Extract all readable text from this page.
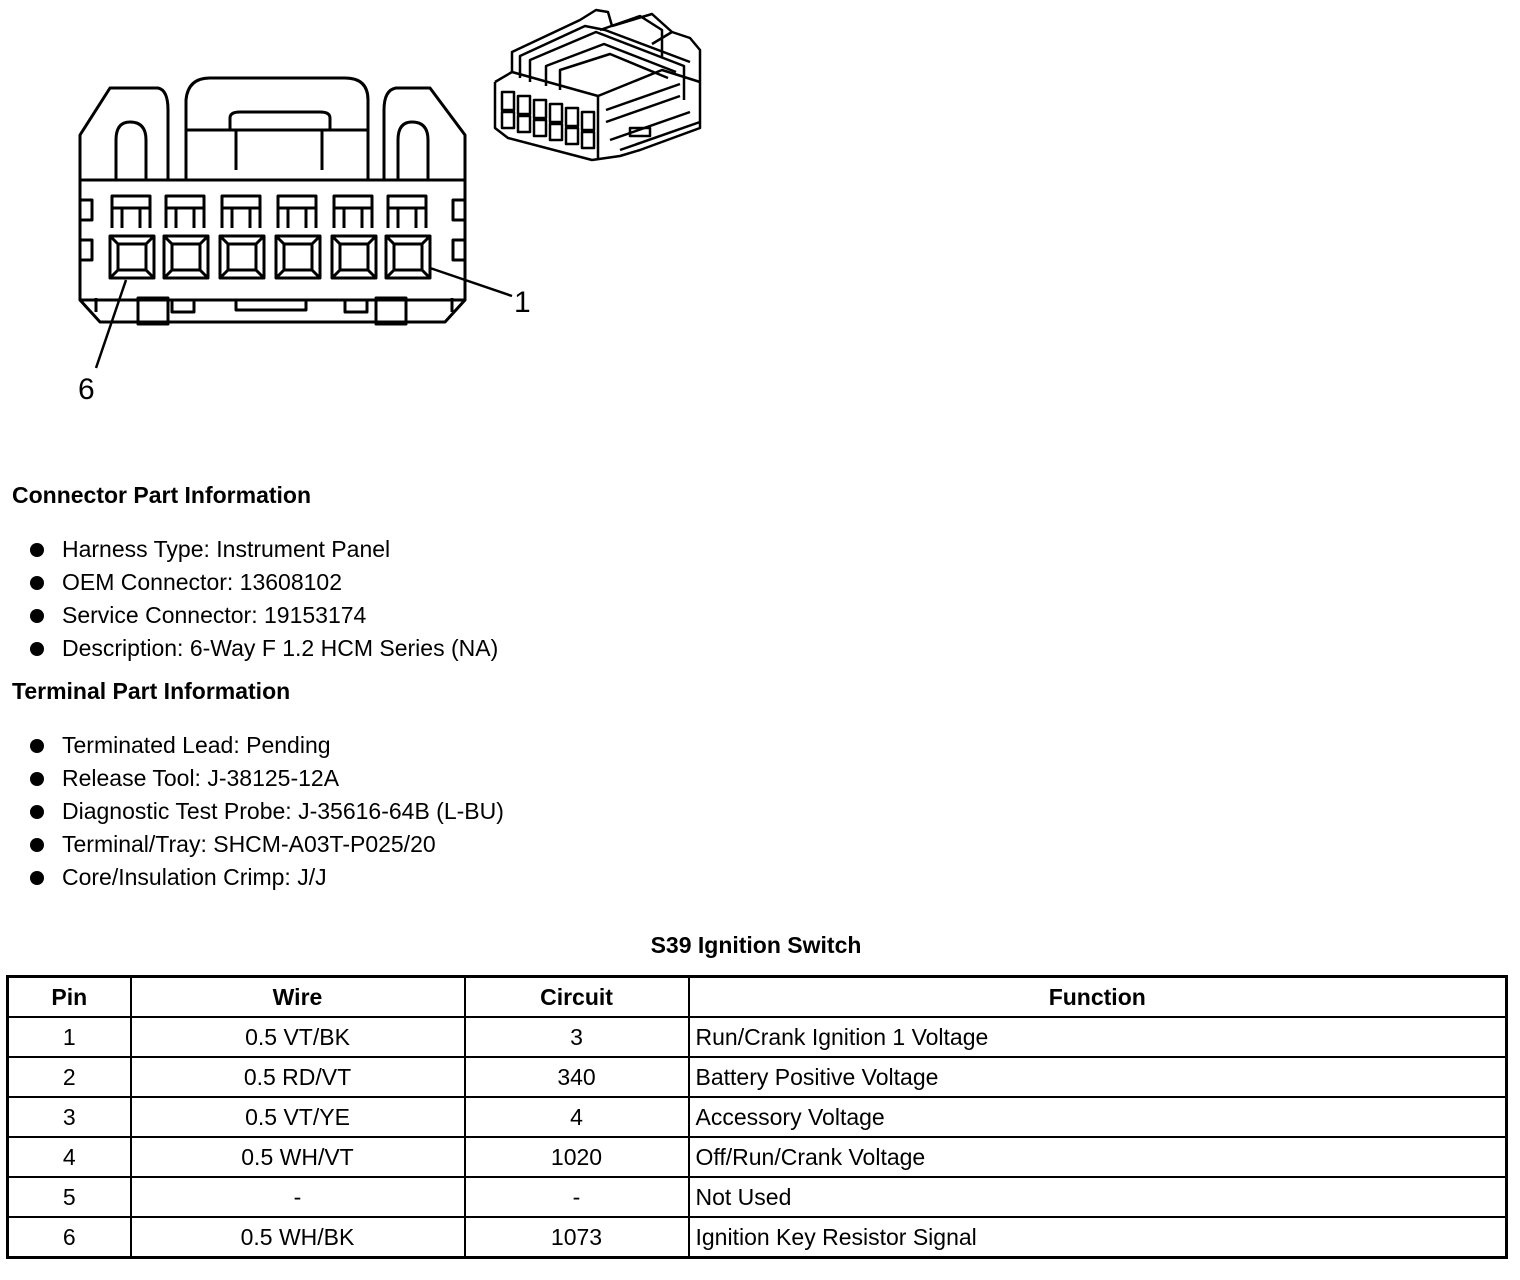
1
6
Connector Part Information
Harness Type: Instrument Panel
OEM Connector: 13608102
Service Connector: 19153174
Description: 6-Way F 1.2 HCM Series (NA)
Terminal Part Information
Terminated Lead: Pending
Release Tool: J-38125-12A
Diagnostic Test Probe: J-35616-64B (L-BU)
Terminal/Tray: SHCM-A03T-P025/20
Core/Insulation Crimp: J/J
S39 Ignition Switch
Pin	Wire	Circuit	Function
1	0.5 VT/BK	3	Run/Crank Ignition 1 Voltage
2	0.5 RD/VT	340	Battery Positive Voltage
3	0.5 VT/YE	4	Accessory Voltage
4	0.5 WH/VT	1020	Off/Run/Crank Voltage
5	-	-	Not Used
6	0.5 WH/BK	1073	Ignition Key Resistor Signal
